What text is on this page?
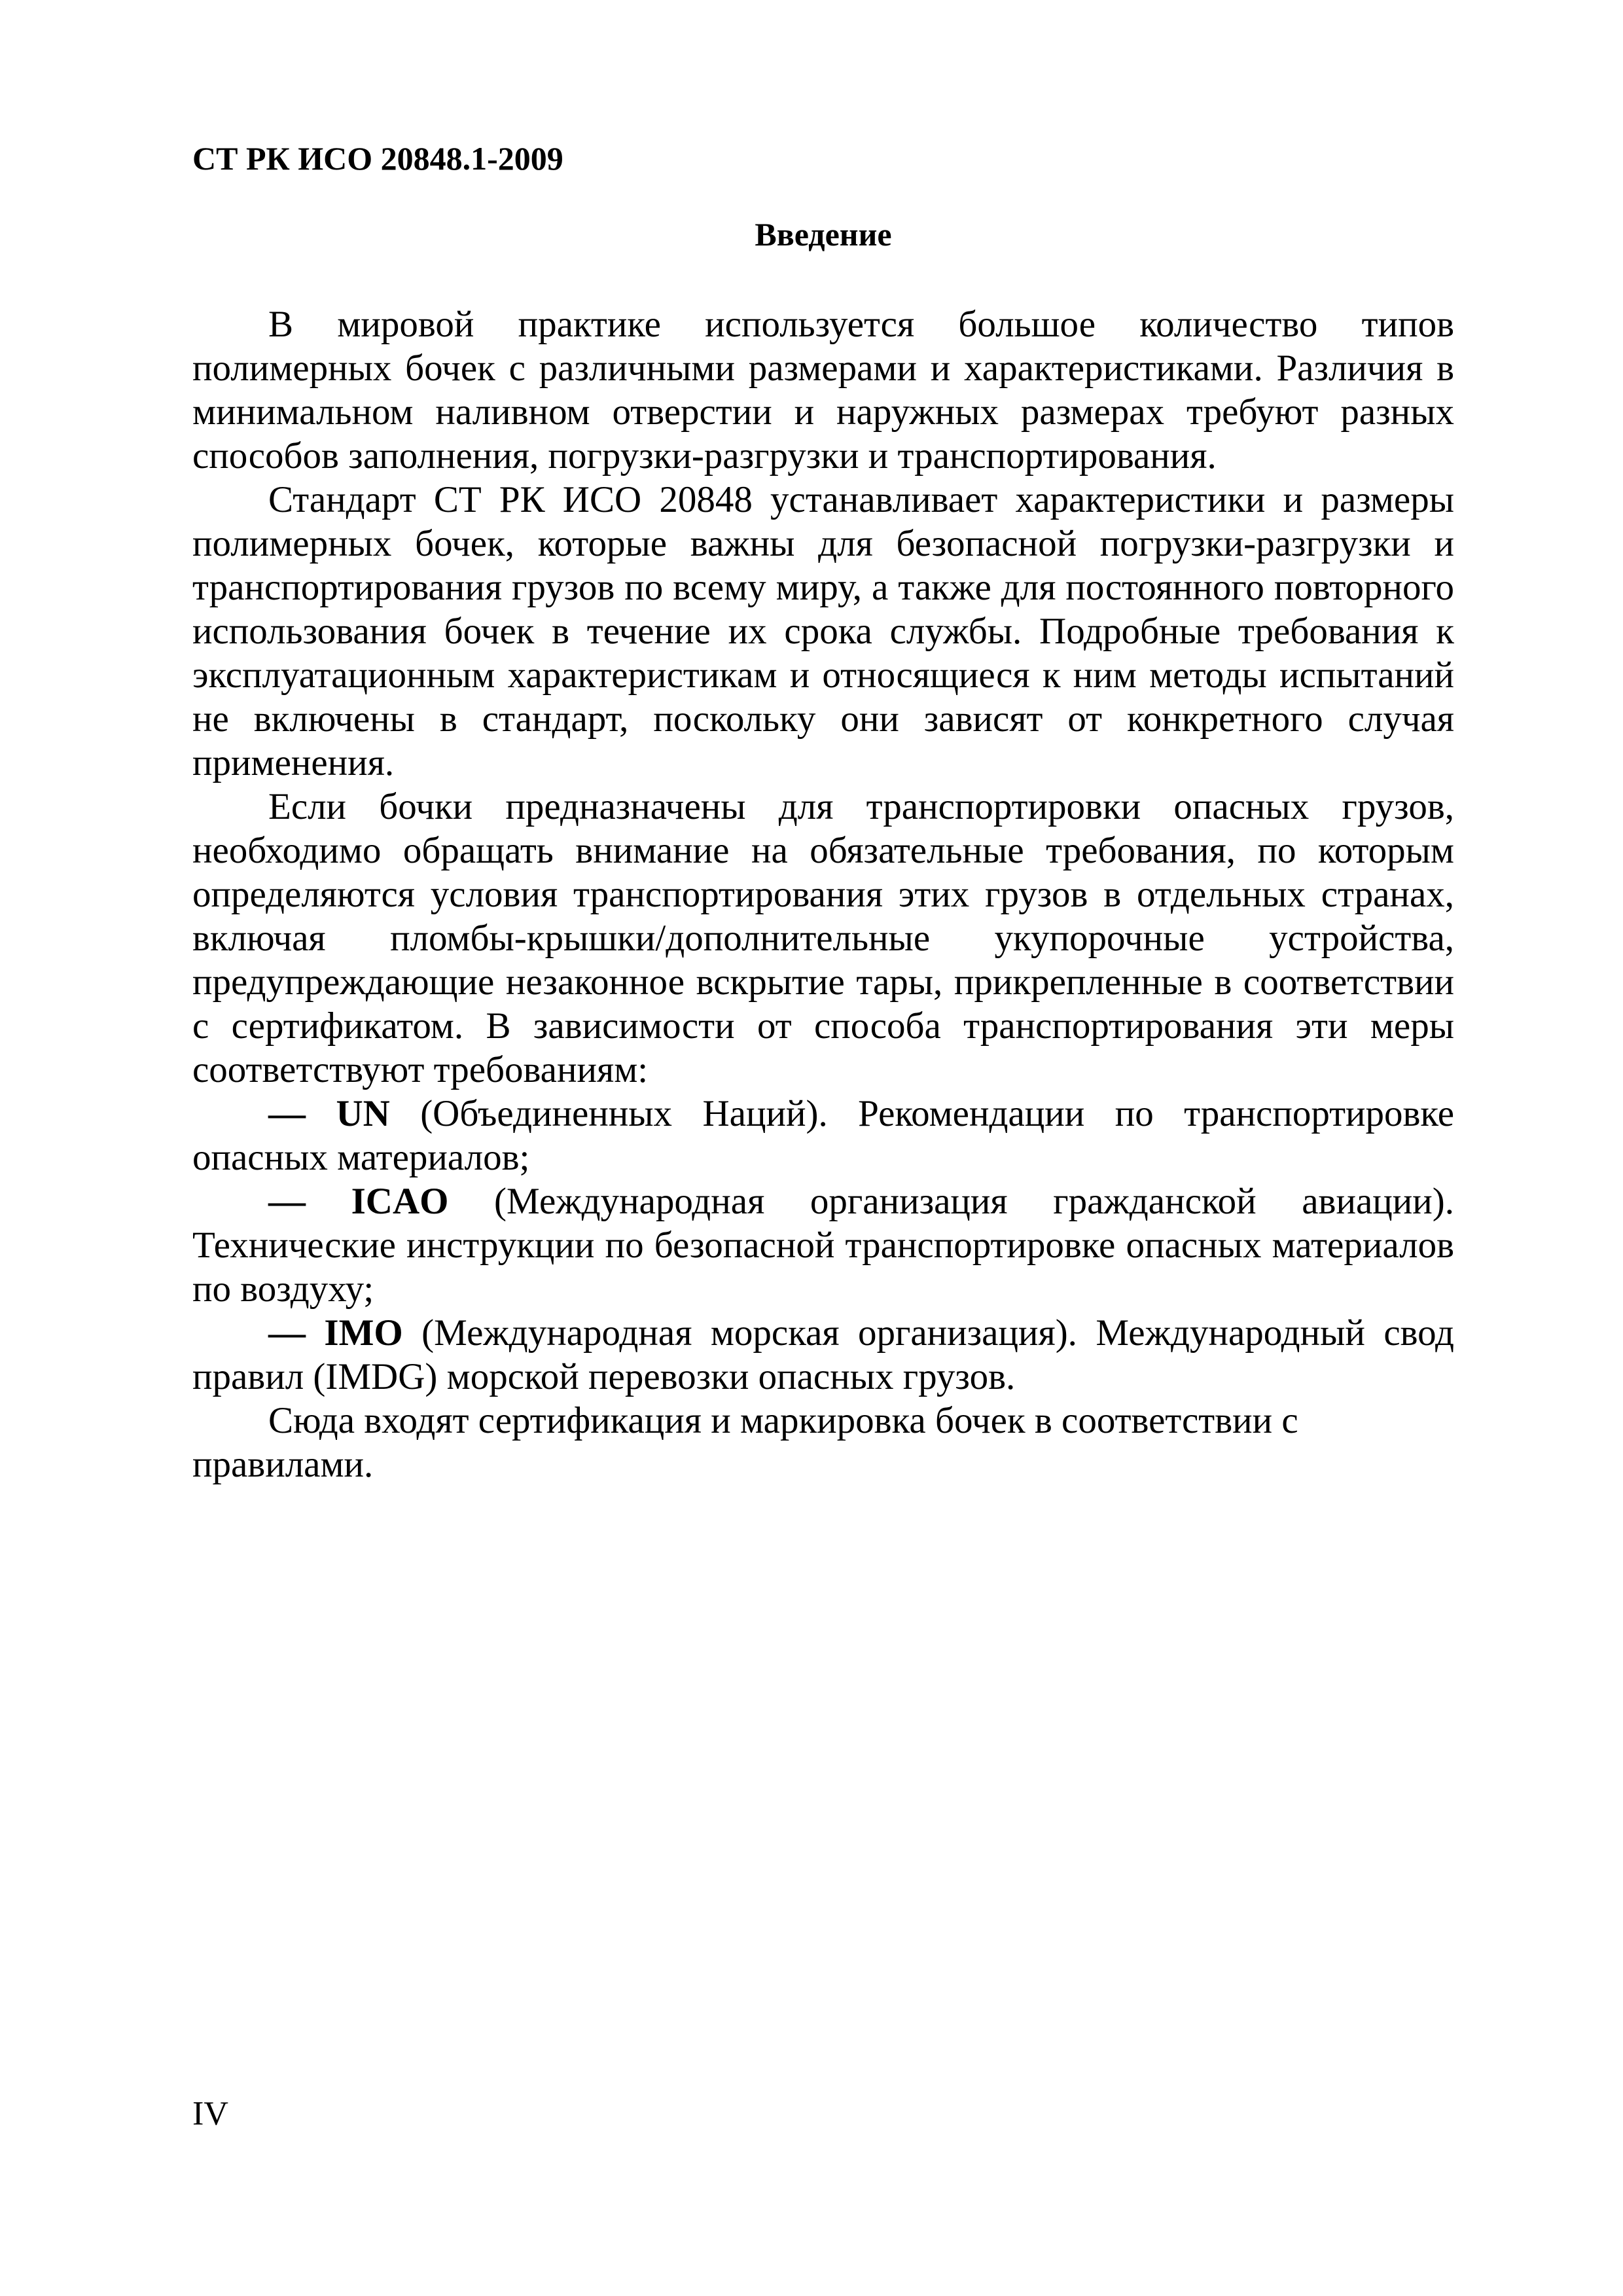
СТ РК ИСО 20848.1-2009

Введение

В мировой практике используется большое количество типов полимерных бочек с различными размерами и характеристиками. Различия в минимальном наливном отверстии и наружных размерах требуют разных способов заполнения, погрузки-разгрузки и транспортирования.

Стандарт СТ РК ИСО 20848 устанавливает характеристики и размеры полимерных бочек, которые важны для безопасной погрузки-разгрузки и транспортирования грузов по всему миру, а также для постоянного повторного использования бочек в течение их срока службы. Подробные требования к эксплуатационным характеристикам и относящиеся к ним методы испытаний не включены в стандарт, поскольку они зависят от конкретного случая применения.

Если бочки предназначены для транспортировки опасных грузов, необходимо обращать внимание на обязательные требования, по которым определяются условия транспортирования этих грузов в отдельных странах, включая пломбы-крышки/дополнительные укупорочные устройства, предупреждающие незаконное вскрытие тары, прикрепленные в соответствии с сертификатом. В зависимости от способа транспортирования эти меры соответствуют требованиям:

— UN (Объединенных Наций). Рекомендации по транспортировке опасных материалов;

— ICAO (Международная организация гражданской авиации). Технические инструкции по безопасной транспортировке опасных материалов по воздуху;

— IMO (Международная морская организация). Международный свод правил (IMDG) морской перевозки опасных грузов.

Сюда входят сертификация и маркировка бочек в соответствии с правилами.

IV
